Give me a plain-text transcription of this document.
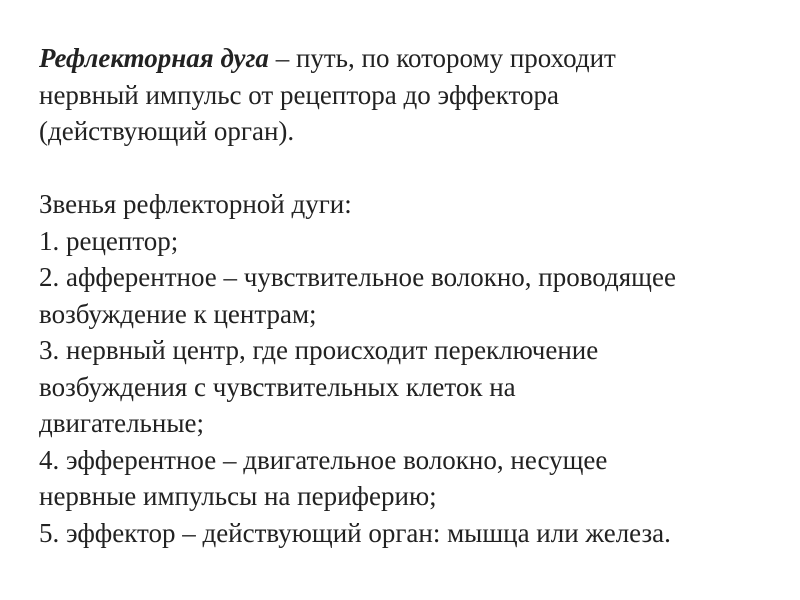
Рефлекторная дуга – путь, по которому проходит
нервный импульс от рецептора до эффектора
(действующий орган).
Звенья рефлекторной дуги:
1. рецептор;
2. афферентное – чувствительное волокно, проводящее
возбуждение к центрам;
3. нервный центр, где происходит переключение
возбуждения с чувствительных клеток на
двигательные;
4. эфферентное – двигательное волокно, несущее
нервные импульсы на периферию;
5. эффектор – действующий орган: мышца или железа.
